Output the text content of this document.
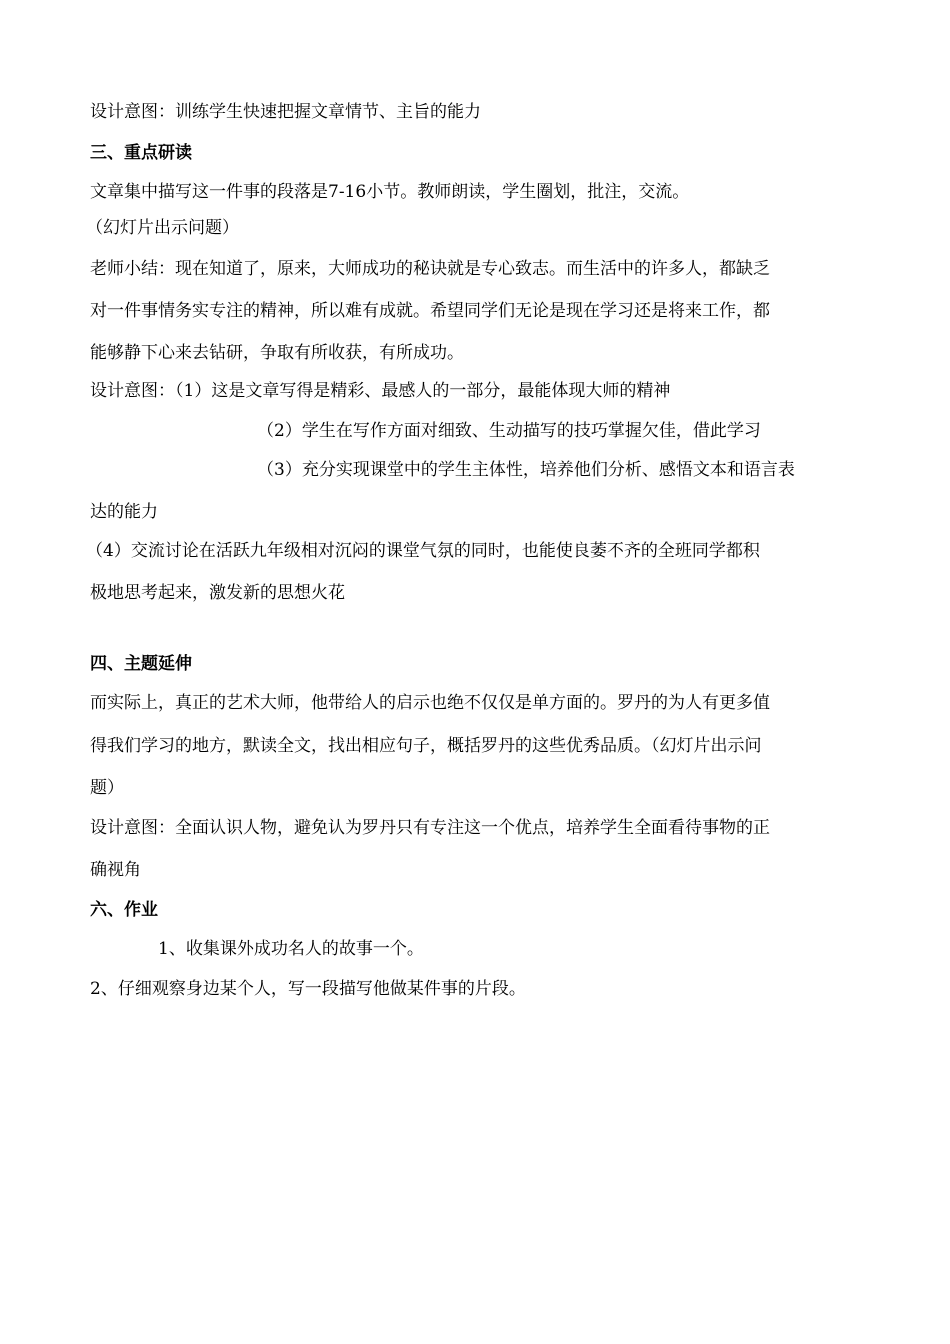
设计意图：训练学生快速把握文章情节、主旨的能力
三、重点研读
文章集中描写这一件事的段落是7-16小节。教师朗读，学生圈划，批注，交流。
（幻灯片出示问题）
老师小结：现在知道了，原来，大师成功的秘诀就是专心致志。而生活中的许多人，都缺乏
对一件事情务实专注的精神，所以难有成就。希望同学们无论是现在学习还是将来工作，都
能够静下心来去钻研，争取有所收获，有所成功。
设计意图：（1）这是文章写得是精彩、最感人的一部分，最能体现大师的精神
（2）学生在写作方面对细致、生动描写的技巧掌握欠佳，借此学习
（3）充分实现课堂中的学生主体性，培养他们分析、感悟文本和语言表
达的能力
（4）交流讨论在活跃九年级相对沉闷的课堂气氛的同时，也能使良萎不齐的全班同学都积
极地思考起来，激发新的思想火花
四、主题延伸
而实际上，真正的艺术大师，他带给人的启示也绝不仅仅是单方面的。罗丹的为人有更多值
得我们学习的地方，默读全文，找出相应句子，概括罗丹的这些优秀品质。（幻灯片出示问
题）
设计意图：全面认识人物，避免认为罗丹只有专注这一个优点，培养学生全面看待事物的正
确视角
六、作业
1、收集课外成功名人的故事一个。
2、仔细观察身边某个人，写一段描写他做某件事的片段。
